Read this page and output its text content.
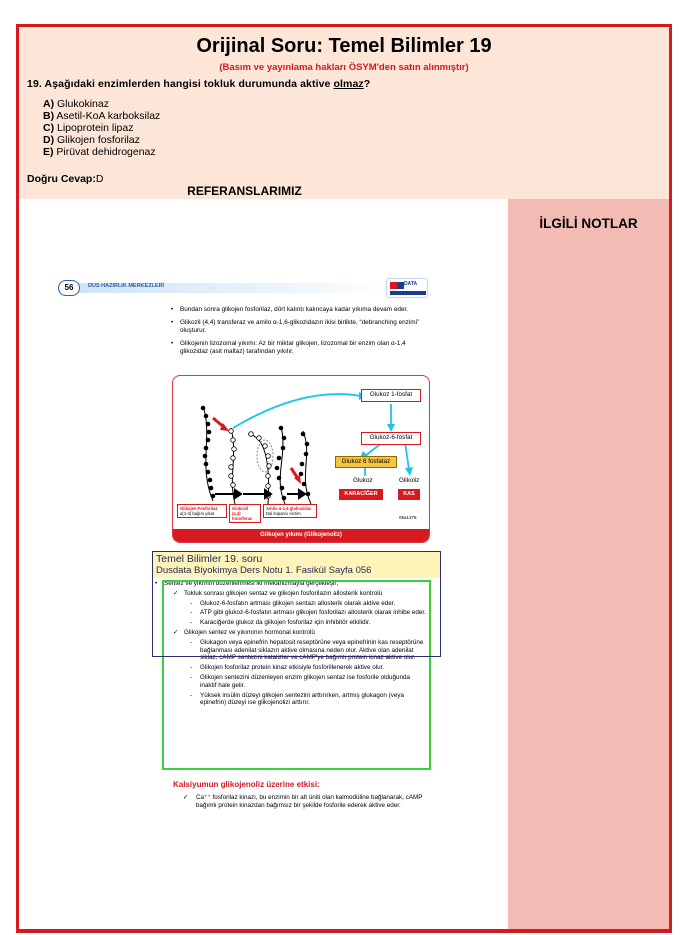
Orijinal Soru: Temel Bilimler 19
(Basım ve yayınlama hakları ÖSYM'den satın alınmıştır)
19. Aşağıdaki enzimlerden hangisi tokluk durumunda aktive olmaz?
A) Glukokinaz
B) Asetil-KoA karboksilaz
C) Lipoprotein lipaz
D) Glikojen fosforilaz
E) Pirüvat dehidrogenaz
Doğru Cevap:D
İLGİLİ NOTLAR
REFERANSLARIMIZ
56	DUS HAZIRLIK MERKEZLERİ	DATA
• Bundan sonra glikojen fosforilaz, dört kalıntı kalıncaya kadar yıkıma devam eder.
• Glikozil (4,4) transferaz ve amilo α-1,6-glikozidazın ikisi birlikte, “debranching enzimi” oluşturur.
• Glikojenin lizozomal yıkımı: Az bir miktar glikojen, lizozomal bir enzim olan α-1,4 glikozidaz (asit maltaz) tarafından yıkılır.
Glukoz 1-fosfat
Glukoz-6-fosfat
Glukoz 6 fosfataz
Glukoz	Glikoliz
KARACİĞER	KAS
Glikojen Fosforilaz
α(1-4) bağını yıkar
Glukozil (4,4)
transferaz
Amilo α-1,6 glukozidaz
Dal koparıcı enzim
05a1378
Glikojen yıkımı (Glikojenoliz)
• Sentez ve yıkımın düzenlenmesi iki mekanizmayla gerçekleşir;
✓ Tokluk sonrası glikojen sentaz ve glikojen fosforilazın allosterik kontrolü
- Glukoz-6-fosfatın artması glikojen sentazı allosterik olarak aktive eder.
- ATP gibi glukoz-6-fosfatın artması glikojen fosforilazı allosterik olarak inhibe eder.
- Karaciğerde glukoz da glikojen fosforilaz için inhibitör etkilidir.
✓ Glikojen sentez ve yıkımının hormonal kontrolü
- Glukagon veya epinefrin hepatosit reseptörüne veya epinefrinin kas reseptörüne bağlanması adenilat siklazın aktive olmasına neden olur. Aktive olan adenilat siklaz, cAMP sentezini katalizler ve cAMP'ye bağımlı protein kinaz aktive olur.
- Glikojen fosforilaz protein kinaz etkisiyle fosforillenerek aktive olur.
- Glikojen sentezini düzenleyen enzim glikojen sentaz ise fosforile olduğunda inaktif hale gelir.
- Yüksek insülin düzeyi glikojen sentezini arttırırken, artmış glukagon (veya epinefrin) düzeyi ise glikojenolizi arttırır.
Temel Bilimler 19. soru
Dusdata Biyokimya Ders Notu 1. Fasikül Sayfa 056
Kalsiyumun glikojenoliz üzerine etkisi:
✓ Ca⁺⁺ fosforilaz kinazı, bu enzimin bir alt üniti olan kalmodüline bağlanarak, cAMP bağımlı protein kinazdan bağımsız bir şekilde fosforile ederek aktive eder.
